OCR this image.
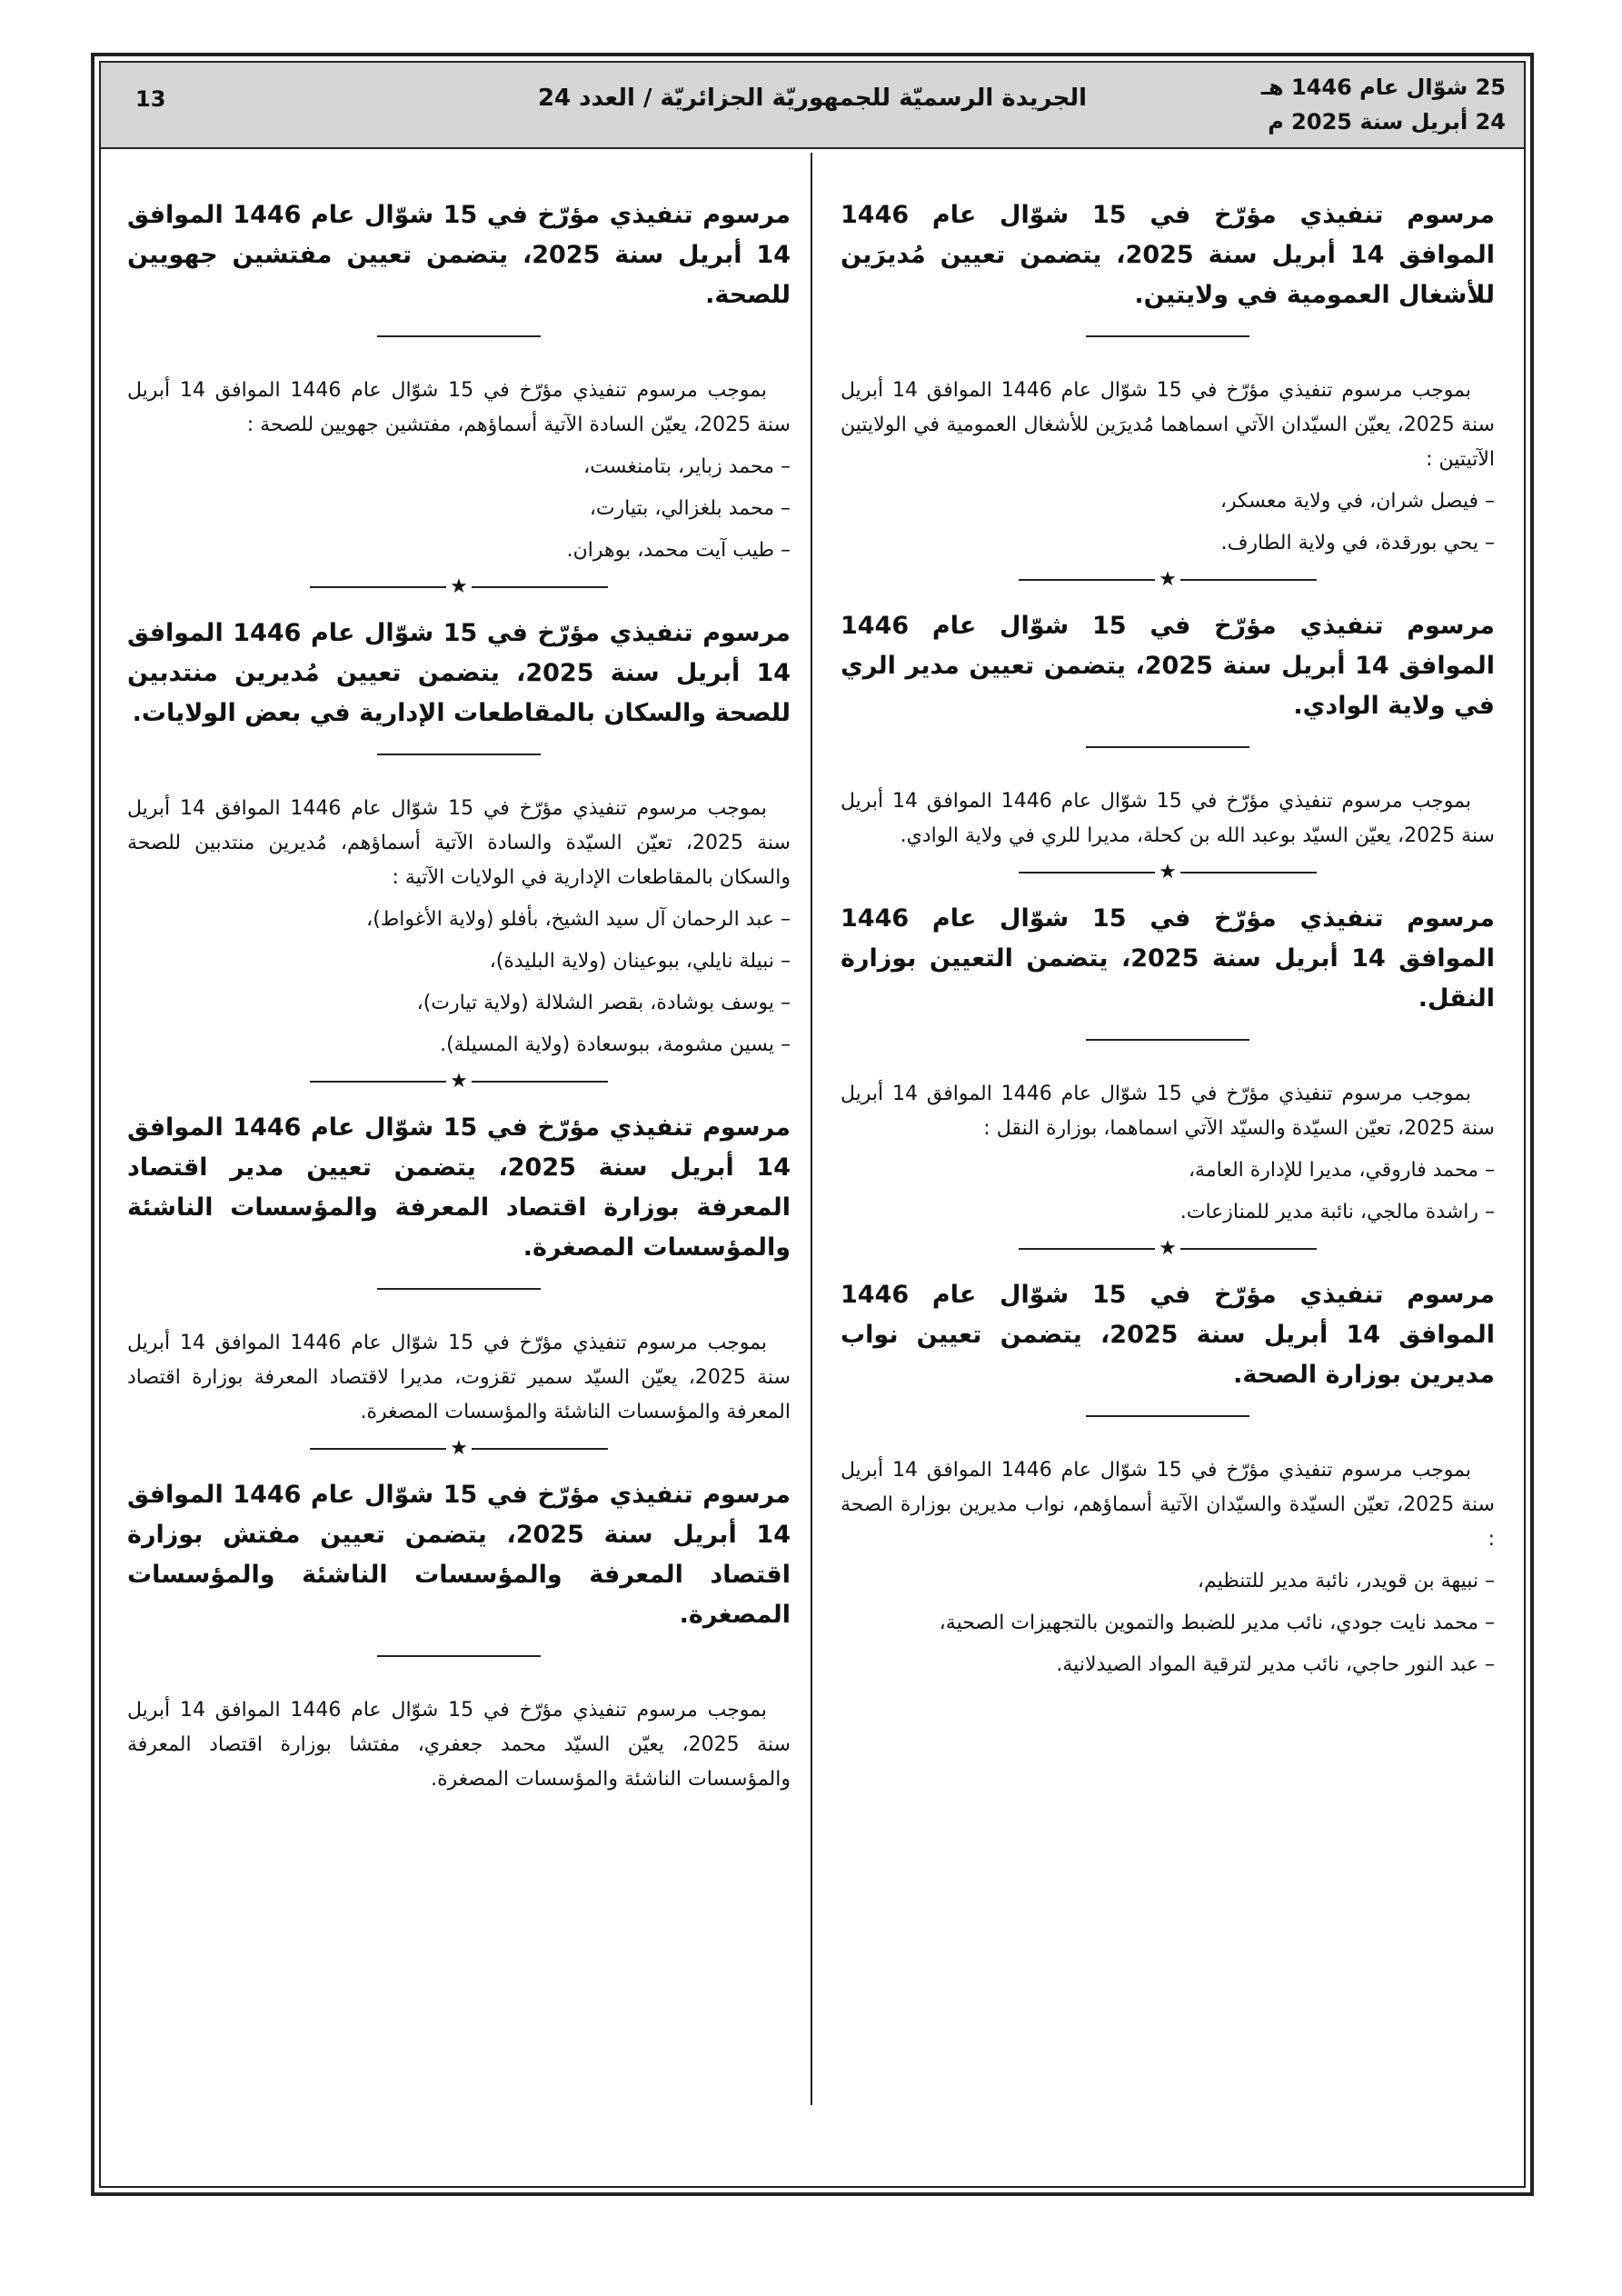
25 شوّال عام 1446 هـ
24 أبريل سنة 2025 م
الجريدة الرسميّة للجمهوريّة الجزائريّة / العدد 24
13

مرسوم تنفيذي مؤرّخ في 15 شوّال عام 1446 الموافق 14 أبريل سنة 2025، يتضمن تعيين مُديرَين للأشغال العمومية في ولايتين.

بموجب مرسوم تنفيذي مؤرّخ في 15 شوّال عام 1446 الموافق 14 أبريل سنة 2025، يعيّن السيّدان الآتي اسماهما مُديرَين للأشغال العمومية في الولايتين الآتيتين :

– فيصل شران، في ولاية معسكر،
– يحي بورقدة، في ولاية الطارف.
★

مرسوم تنفيذي مؤرّخ في 15 شوّال عام 1446 الموافق 14 أبريل سنة 2025، يتضمن تعيين مدير الري في ولاية الوادي.

بموجب مرسوم تنفيذي مؤرّخ في 15 شوّال عام 1446 الموافق 14 أبريل سنة 2025، يعيّن السيّد بوعبد الله بن كحلة، مديرا للري في ولاية الوادي.

★

مرسوم تنفيذي مؤرّخ في 15 شوّال عام 1446 الموافق 14 أبريل سنة 2025، يتضمن التعيين بوزارة النقل.

بموجب مرسوم تنفيذي مؤرّخ في 15 شوّال عام 1446 الموافق 14 أبريل سنة 2025، تعيّن السيّدة والسيّد الآتي اسماهما، بوزارة النقل :

– محمد فاروقي، مديرا للإدارة العامة،
– راشدة مالجي، نائبة مدير للمنازعات.
★

مرسوم تنفيذي مؤرّخ في 15 شوّال عام 1446 الموافق 14 أبريل سنة 2025، يتضمن تعيين نواب مديرين بوزارة الصحة.

بموجب مرسوم تنفيذي مؤرّخ في 15 شوّال عام 1446 الموافق 14 أبريل سنة 2025، تعيّن السيّدة والسيّدان الآتية أسماؤهم، نواب مديرين بوزارة الصحة :

– نبيهة بن قويدر، نائبة مدير للتنظيم،
– محمد نايت جودي، نائب مدير للضبط والتموين بالتجهيزات الصحية،
– عبد النور حاجي، نائب مدير لترقية المواد الصيدلانية.

مرسوم تنفيذي مؤرّخ في 15 شوّال عام 1446 الموافق 14 أبريل سنة 2025، يتضمن تعيين مفتشين جهويين للصحة.

بموجب مرسوم تنفيذي مؤرّخ في 15 شوّال عام 1446 الموافق 14 أبريل سنة 2025، يعيّن السادة الآتية أسماؤهم، مفتشين جهويين للصحة :

– محمد زباير، بتامنغست،
– محمد بلغزالي، بتيارت،
– طيب آيت محمد، بوهران.
★

مرسوم تنفيذي مؤرّخ في 15 شوّال عام 1446 الموافق 14 أبريل سنة 2025، يتضمن تعيين مُديرين منتدبين للصحة والسكان بالمقاطعات الإدارية في بعض الولايات.

بموجب مرسوم تنفيذي مؤرّخ في 15 شوّال عام 1446 الموافق 14 أبريل سنة 2025، تعيّن السيّدة والسادة الآتية أسماؤهم، مُديرين منتدبين للصحة والسكان بالمقاطعات الإدارية في الولايات الآتية :

– عبد الرحمان آل سيد الشيخ، بأفلو (ولاية الأغواط)،
– نبيلة نايلي، ببوعينان (ولاية البليدة)،
– يوسف بوشادة، بقصر الشلالة (ولاية تيارت)،
– يسين مشومة، ببوسعادة (ولاية المسيلة).
★

مرسوم تنفيذي مؤرّخ في 15 شوّال عام 1446 الموافق 14 أبريل سنة 2025، يتضمن تعيين مدير اقتصاد المعرفة بوزارة اقتصاد المعرفة والمؤسسات الناشئة والمؤسسات المصغرة.

بموجب مرسوم تنفيذي مؤرّخ في 15 شوّال عام 1446 الموافق 14 أبريل سنة 2025، يعيّن السيّد سمير تقزوت، مديرا لاقتصاد المعرفة بوزارة اقتصاد المعرفة والمؤسسات الناشئة والمؤسسات المصغرة.

★

مرسوم تنفيذي مؤرّخ في 15 شوّال عام 1446 الموافق 14 أبريل سنة 2025، يتضمن تعيين مفتش بوزارة اقتصاد المعرفة والمؤسسات الناشئة والمؤسسات المصغرة.

بموجب مرسوم تنفيذي مؤرّخ في 15 شوّال عام 1446 الموافق 14 أبريل سنة 2025، يعيّن السيّد محمد جعفري، مفتشا بوزارة اقتصاد المعرفة والمؤسسات الناشئة والمؤسسات المصغرة.
